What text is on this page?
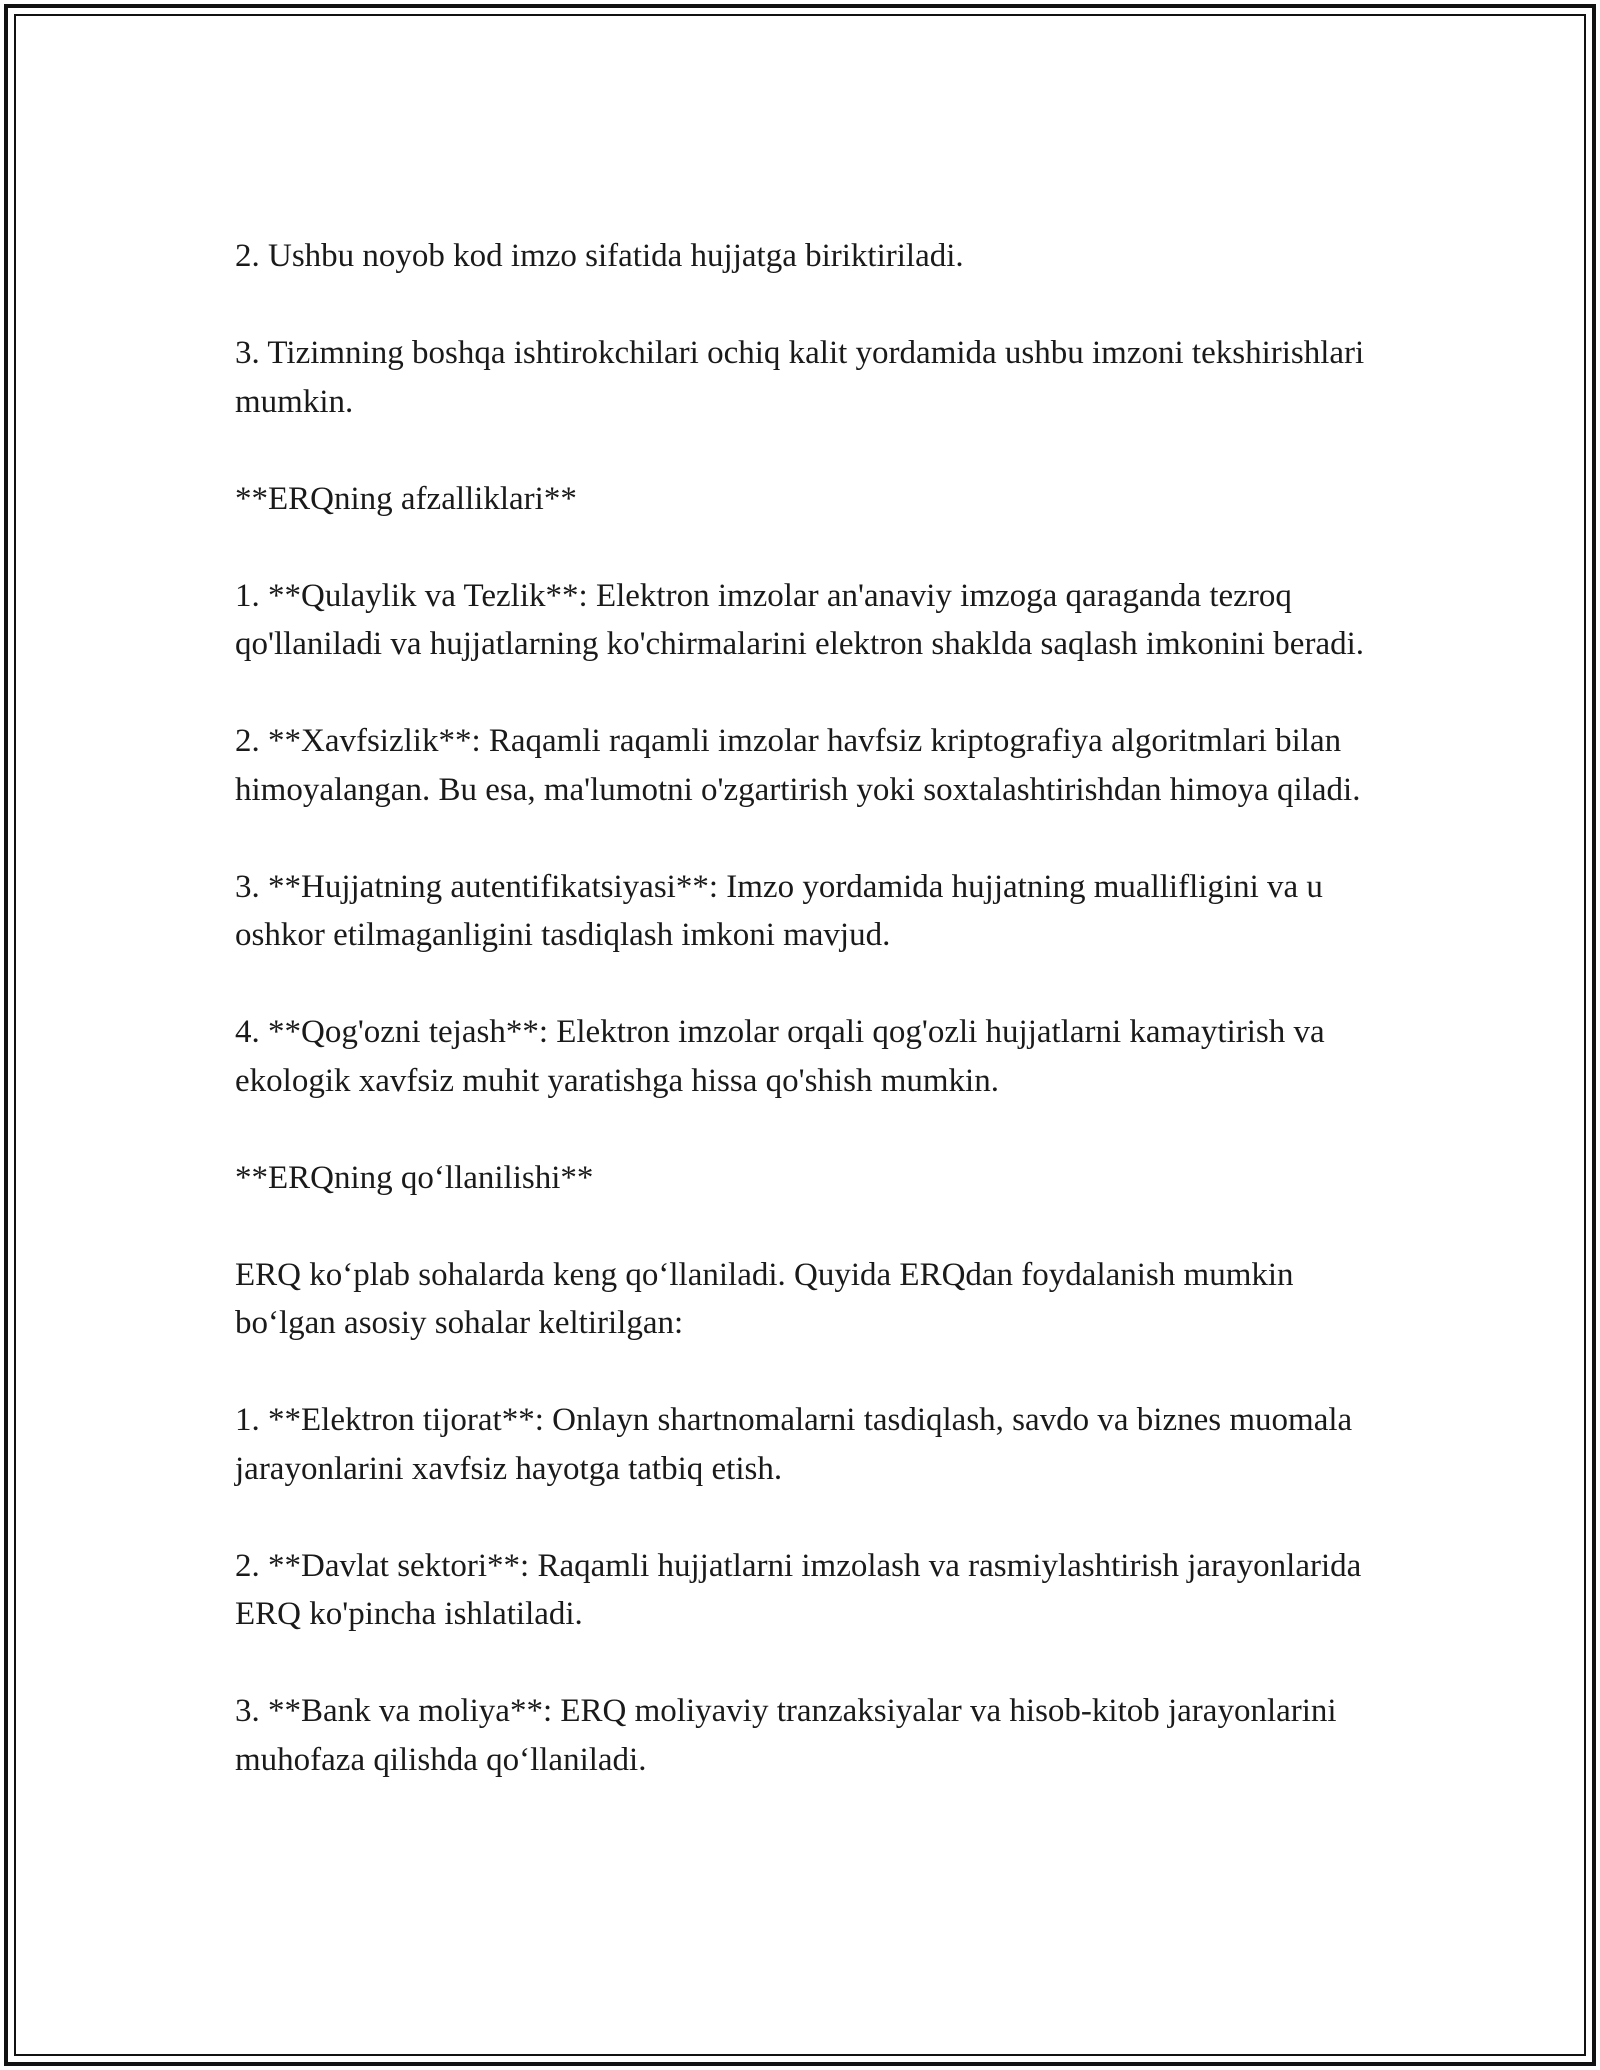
2. Ushbu noyob kod imzo sifatida hujjatga biriktiriladi.

3. Tizimning boshqa ishtirokchilari ochiq kalit yordamida ushbu imzoni tekshirishlari mumkin.

**ERQning afzalliklari**

1. **Qulaylik va Tezlik**: Elektron imzolar an'anaviy imzoga qaraganda tezroq qo'llaniladi va hujjatlarning ko'chirmalarini elektron shaklda saqlash imkonini beradi.

2. **Xavfsizlik**: Raqamli raqamli imzolar havfsiz kriptografiya algoritmlari bilan himoyalangan. Bu esa, ma'lumotni o'zgartirish yoki soxtalashtirishdan himoya qiladi.

3. **Hujjatning autentifikatsiyasi**: Imzo yordamida hujjatning muallifligini va u oshkor etilmaganligini tasdiqlash imkoni mavjud.

4. **Qog'ozni tejash**: Elektron imzolar orqali qog'ozli hujjatlarni kamaytirish va ekologik xavfsiz muhit yaratishga hissa qo'shish mumkin.

**ERQning qo‘llanilishi**

ERQ ko‘plab sohalarda keng qo‘llaniladi. Quyida ERQdan foydalanish mumkin bo‘lgan asosiy sohalar keltirilgan:

1. **Elektron tijorat**: Onlayn shartnomalarni tasdiqlash, savdo va biznes muomala jarayonlarini xavfsiz hayotga tatbiq etish.

2. **Davlat sektori**: Raqamli hujjatlarni imzolash va rasmiylashtirish jarayonlarida ERQ ko'pincha ishlatiladi.

3. **Bank va moliya**: ERQ moliyaviy tranzaksiyalar va hisob-kitob jarayonlarini muhofaza qilishda qo‘llaniladi.
